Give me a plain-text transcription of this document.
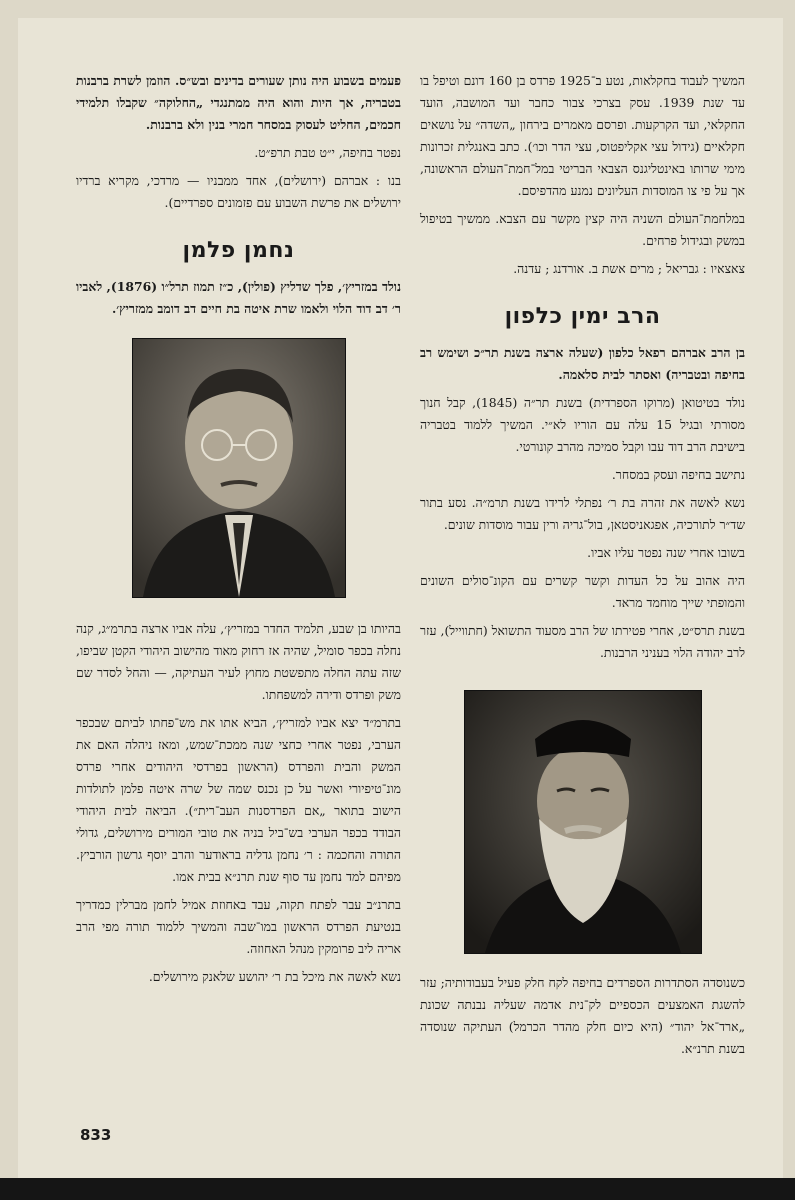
המשיך לעבוד בחקלאות, נטע ב־1925 פרדס בן 160 דונם וטיפל בו עד שנת 1939. עסק בצרכי צבור כחבר ועד המושבה, הועד החקלאי, ועד הקרקעות. ופרסם מאמרים בירחון „השדה״ על נושאים חקלאיים (גידול עצי אקליפטוס, עצי הדר וכו׳). כתב באנגלית זכרונות מימי שרותו באינטליגנס הצבאי הבריטי במל־חמת־העולם הראשונה, אך על פי צו המוסדות העליונים נמנע מהדפיסם.

במלחמת־העולם השניה היה קצין מקשר עם הצבא. ממשיך בטיפול במשק ובגידול פרחים.

צאצאיו : גבריאל ; מרים אשת ב. אורדנג ; עדנה.

הרב ימין כלפון

בן הרב אברהם רפאל כלפון (שעלה ארצה בשנת תר״כ ושימש רב בחיפה ובטבריה) ואסתר לבית סלאמה.

נולד בטיטואן (מרוקו הספרדית) בשנת תר״ה (1845), קבל חנוך מסורתי ובגיל 15 עלה עם הוריו לא״י. המשיך ללמוד בטבריה בישיבת הרב דוד עבו וקבל סמיכה מהרב קונורטי.

נתישב בחיפה ועסק במסחר.

נשא לאשה את זהרה בת ר׳ נפתלי לרידו בשנת תרמ״ה. נסע בתור שד״ר לתורכיה, אפגאניסטאן, בול־גריה ורין עבור מוסדות שונים.

בשובו אחרי שנה נפטר עליו אביו.

היה אהוב על כל העדות וקשר קשרים עם הקונ־סולים השונים והמופתי שייך מוחמד מראד.

בשנת תרס״ט, אחרי פטירתו של הרב מסעוד התשואל (חתווייל), עזר לרב יהודה הלוי בעניני הרבנות.

כשנוסדה הסתדרות הספרדים בחיפה לקח חלק פעיל בעבודותיה; עזר להשגת האמצעים הכספיים לק־נית אדמה שעליה נבנתה שכונת „ארד־אל יהוד״ (היא כיום חלק מהדר הכרמל) העתיקה שנוסדה בשנת תרנ״א.

פעמים בשבוע היה נותן שעורים בדינים ובש״ס. הוזמן לשרת ברבנות בטבריה, אך היות והוא היה ממתנגדי „החלוקה״ שקבלו תלמידי חכמים, החליט לעסוק במסחר חמרי בנין ולא ברבנות.

נפטר בחיפה, י״ט טבת תרפ״ט.

בנו : אברהם (ירושלים), אחד ממבניו — מרדכי, מקריא ברדיו ירושלים את פרשת השבוע עם פזמונים ספרדיים).

נחמן פלמן

נולד במזריץ׳, פלך שדליץ (פולין), כ״ז תמוז תרל״ו (1876), לאביו ר׳ דב דוד הלוי ולאמו שרת איטה בת חיים דב דומב ממזריץ׳.

בהיותו בן שבע, תלמיד החדר במזריץ׳, עלה אביו ארצה בתרמ״ג, קנה נחלה בכפר סומיל, שהיה אז רחוק מאוד מהישוב היהודי הקטן שביפו, שזה עתה החלה מתפשטת מחוץ לעיר העתיקה, — והחל לסדר שם משק ופרדס ודירה למשפחתו.

בתרמ״ד יצא אביו למזריץ׳, הביא אתו את מש־פחתו לביתם שבכפר הערבי, נפטר אחרי כחצי שנה ממכת־שמש, ומאז ניהלה האם את המשק והבית והפרדס (הראשון בפרדסי היהודים אחרי פרדס מונ־טיפיורי ואשר על כן נכנס שמה של שרה איטה פלמן לתולדות הישוב בתואר „אם הפרדסנות העב־רית״). הביאה לבית היהודי הבודד בכפר הערבי בש־ביל בניה את טובי המורים מירושלים, גדולי התורה והחכמה : ר׳ נחמן גדליה בראודער והרב יוסף גרשון הורביץ. מפיהם למד נחמן עד סוף שנת תרנ״א בבית אמו.

בתרנ״ב עבר לפתח תקוה, עבד באחוזת אמיל לחמן מברלין כמדריך בנטיעת הפרדס הראשון במו־שבה והמשיך ללמוד תורה מפי הרב אריה ליב פרומקין מנהל האחוזה.

נשא לאשה את מיכל בת ר׳ יהושע שלאנק מירושלים.

833
